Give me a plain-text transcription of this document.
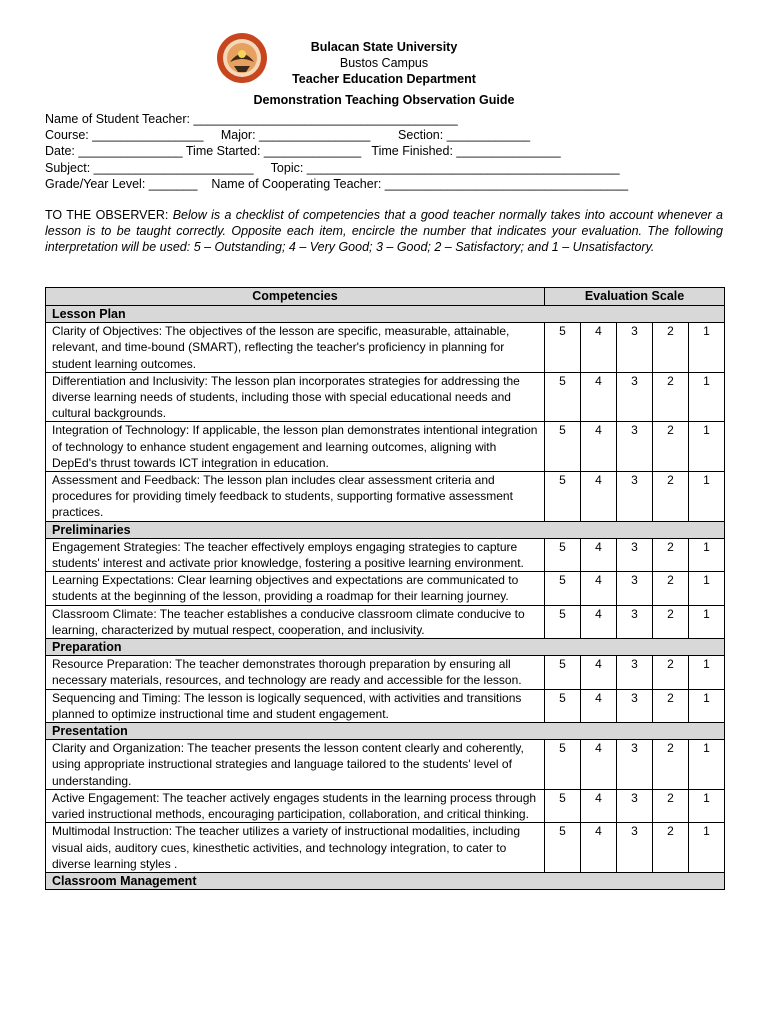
Bulacan State University
Bustos Campus
Teacher Education Department
Demonstration Teaching Observation Guide
Name of Student Teacher: ______________________________________
Course: ________________     Major: ________________        Section: ____________
Date: _______________ Time Started: ______________   Time Finished: _______________
Subject: _______________________     Topic: _____________________________________________
Grade/Year Level: _______    Name of Cooperating Teacher: ___________________________________
TO THE OBSERVER: Below is a checklist of competencies that a good teacher normally takes into account whenever a lesson is to be taught correctly. Opposite each item, encircle the number that indicates your evaluation. The following interpretation will be used: 5 – Outstanding; 4 – Very Good; 3 – Good; 2 – Satisfactory; and 1 – Unsatisfactory.
Competencies	Evaluation Scale				
Lesson Plan					
Clarity of Objectives: The objectives of the lesson are specific, measurable, attainable, relevant, and time-bound (SMART), reflecting the teacher's proficiency in planning for student learning outcomes.	5	4	3	2	1
Differentiation and Inclusivity: The lesson plan incorporates strategies for addressing the diverse learning needs of students, including those with special educational needs and cultural backgrounds.	5	4	3	2	1
Integration of Technology: If applicable, the lesson plan demonstrates intentional integration of technology to enhance student engagement and learning outcomes, aligning with DepEd's thrust towards ICT integration in education.	5	4	3	2	1
Assessment and Feedback: The lesson plan includes clear assessment criteria and procedures for providing timely feedback to students, supporting formative assessment practices.	5	4	3	2	1
Preliminaries					
Engagement Strategies: The teacher effectively employs engaging strategies to capture students' interest and activate prior knowledge, fostering a positive learning environment.	5	4	3	2	1
Learning Expectations: Clear learning objectives and expectations are communicated to students at the beginning of the lesson, providing a roadmap for their learning journey.	5	4	3	2	1
Classroom Climate: The teacher establishes a conducive classroom climate conducive to learning, characterized by mutual respect, cooperation, and inclusivity.	5	4	3	2	1
Preparation					
Resource Preparation: The teacher demonstrates thorough preparation by ensuring all necessary materials, resources, and technology are ready and accessible for the lesson.	5	4	3	2	1
Sequencing and Timing: The lesson is logically sequenced, with activities and transitions planned to optimize instructional time and student engagement.	5	4	3	2	1
Presentation					
Clarity and Organization: The teacher presents the lesson content clearly and coherently, using appropriate instructional strategies and language tailored to the students' level of understanding.	5	4	3	2	1
Active Engagement: The teacher actively engages students in the learning process through varied instructional methods, encouraging participation, collaboration, and critical thinking.	5	4	3	2	1
Multimodal Instruction: The teacher utilizes a variety of instructional modalities, including visual aids, auditory cues, kinesthetic activities, and technology integration, to cater to diverse learning styles .	5	4	3	2	1
Classroom Management					
